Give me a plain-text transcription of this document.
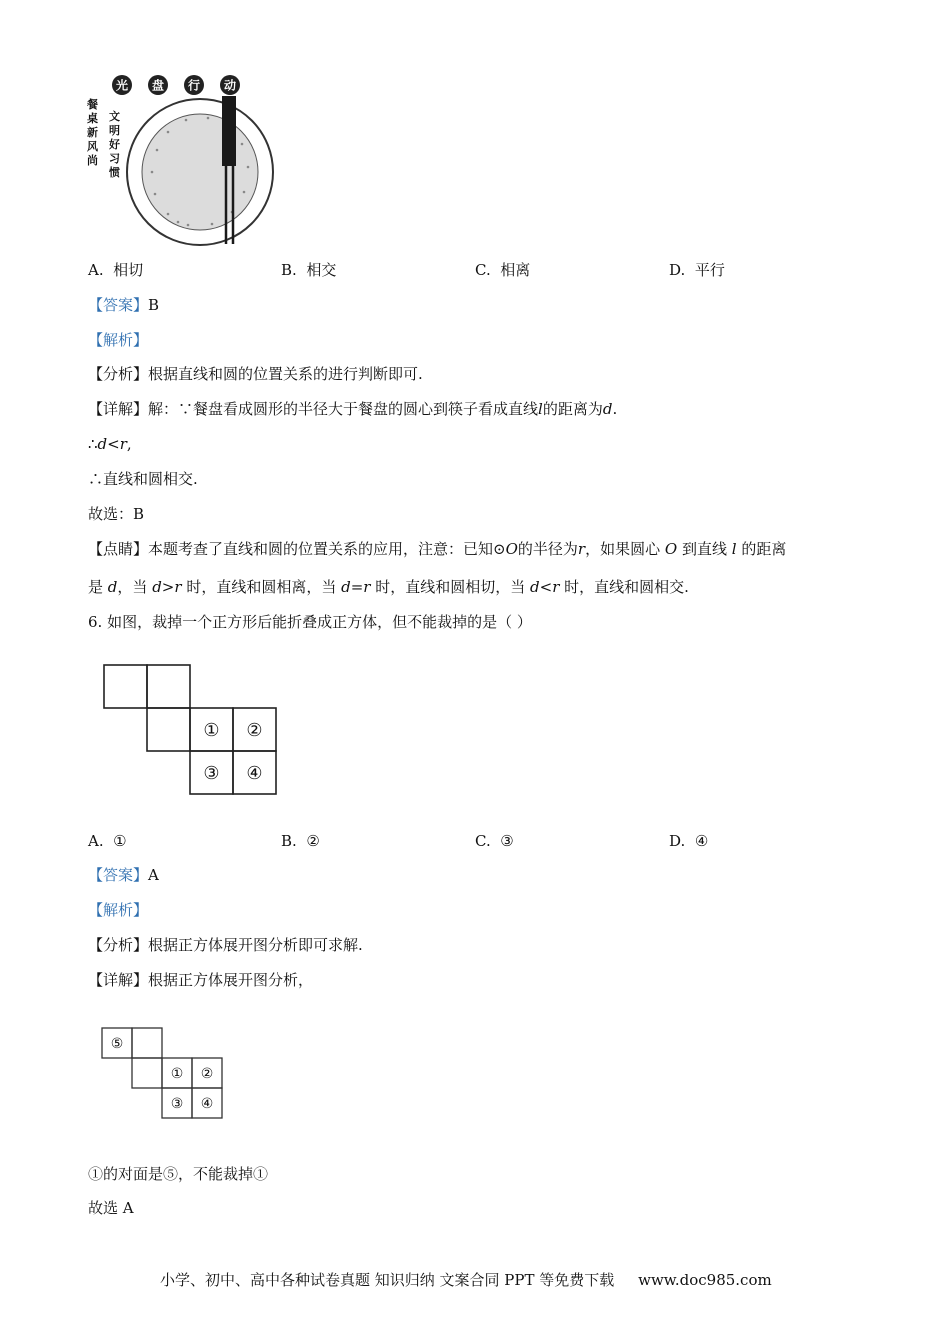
光 盘 行 动
餐
桌
新
风
尚
文
明
好
习
惯
A. 相切	B. 相交	C. 相离	D. 平行
【答案】B
【解析】
【分析】根据直线和圆的位置关系的进行判断即可.
【详解】解：∵餐盘看成圆形的半径大于餐盘的圆心到筷子看成直线l的距离为d.
∴d<r,
∴直线和圆相交.
故选：B
【点睛】本题考查了直线和圆的位置关系的应用，注意：已知⊙O的半径为r，如果圆心 O 到直线 l 的距离
是 d，当 d>r 时，直线和圆相离，当 d=r 时，直线和圆相切，当 d<r 时，直线和圆相交.
6. 如图，裁掉一个正方形后能折叠成正方体，但不能裁掉的是（ ）
① ②
③ ④
A. ①	B. ②	C. ③	D. ④
【答案】A
【解析】
【分析】根据正方体展开图分析即可求解.
【详解】根据正方体展开图分析，
⑤
① ②
③ ④
①的对面是⑤，不能裁掉①
故选 A
小学、初中、高中各种试卷真题 知识归纳 文案合同 PPT 等免费下载 www.doc985.com
